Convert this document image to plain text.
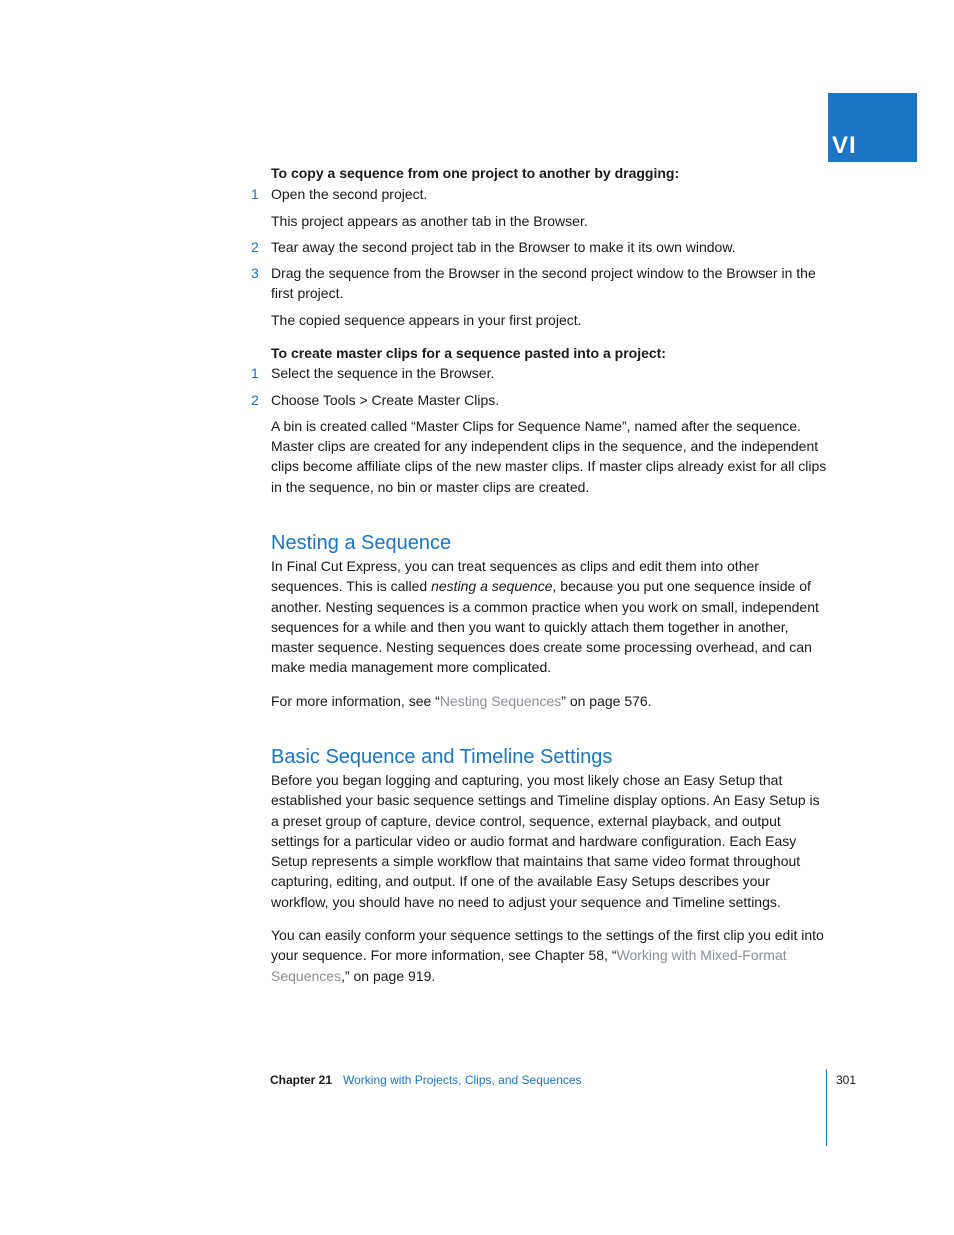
VI

To copy a sequence from one project to another by dragging:

1 Open the second project.

This project appears as another tab in the Browser.

2 Tear away the second project tab in the Browser to make it its own window.

3 Drag the sequence from the Browser in the second project window to the Browser in the first project.

The copied sequence appears in your first project.

To create master clips for a sequence pasted into a project:

1 Select the sequence in the Browser.

2 Choose Tools > Create Master Clips.

A bin is created called “Master Clips for Sequence Name”, named after the sequence. Master clips are created for any independent clips in the sequence, and the independent clips become affiliate clips of the new master clips. If master clips already exist for all clips in the sequence, no bin or master clips are created.

Nesting a Sequence

In Final Cut Express, you can treat sequences as clips and edit them into other sequences. This is called nesting a sequence, because you put one sequence inside of another. Nesting sequences is a common practice when you work on small, independent sequences for a while and then you want to quickly attach them together in another, master sequence. Nesting sequences does create some processing overhead, and can make media management more complicated.

For more information, see “Nesting Sequences” on page 576.

Basic Sequence and Timeline Settings

Before you began logging and capturing, you most likely chose an Easy Setup that established your basic sequence settings and Timeline display options. An Easy Setup is a preset group of capture, device control, sequence, external playback, and output settings for a particular video or audio format and hardware configuration. Each Easy Setup represents a simple workflow that maintains that same video format throughout capturing, editing, and output. If one of the available Easy Setups describes your workflow, you should have no need to adjust your sequence and Timeline settings.

You can easily conform your sequence settings to the settings of the first clip you edit into your sequence. For more information, see Chapter 58, “Working with Mixed-Format Sequences,” on page 919.

Chapter 21 Working with Projects, Clips, and Sequences	301
